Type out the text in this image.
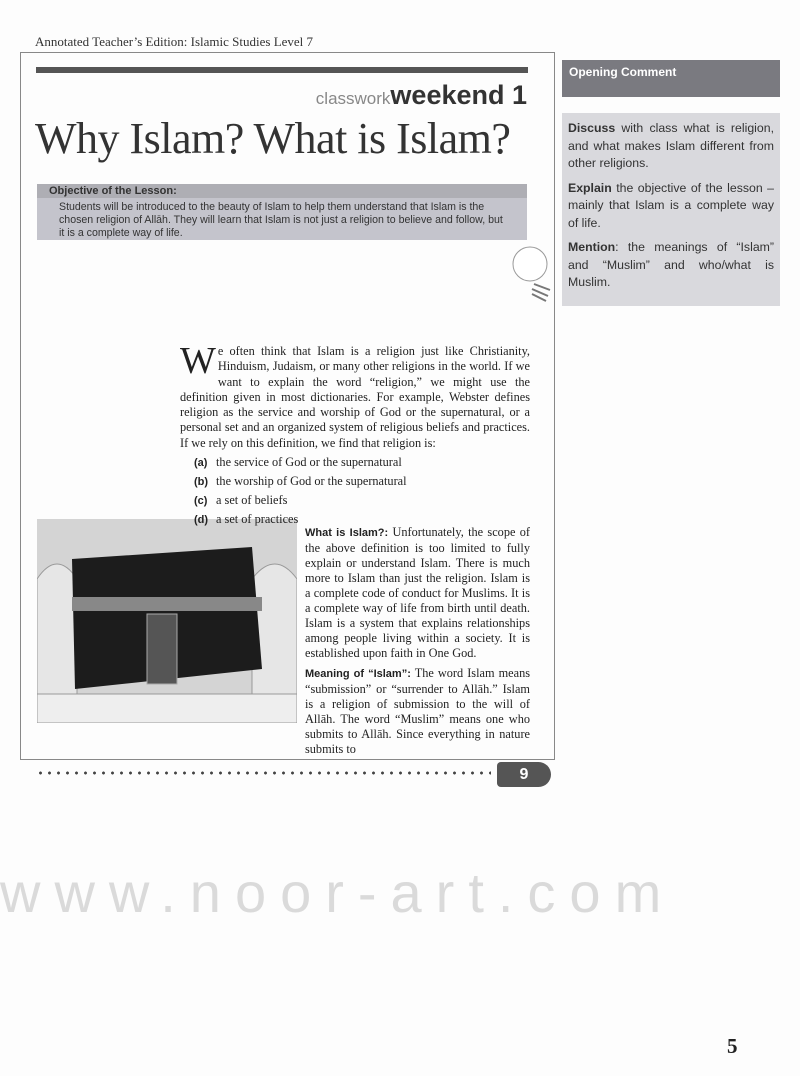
Annotated Teacher’s Edition: Islamic Studies Level 7
classworkweekend 1
Why Islam? What is Islam?
Objective of the Lesson:
Students will be introduced to the beauty of Islam to help them understand that Islam is the chosen religion of Allāh. They will learn that Islam is not just a religion to believe and follow, but it is a complete way of life.
We often think that Islam is a religion just like Christianity, Hinduism, Judaism, or many other religions in the world. If we want to explain the word “religion,” we might use the definition given in most dictionaries. For example, Webster defines religion as the service and worship of God or the supernatural, or a personal set and an organized system of religious beliefs and practices. If we rely on this definition, we find that religion is:
(a) the service of God or the supernatural
(b) the worship of God or the supernatural
(c) a set of beliefs
(d) a set of practices

What is Islam?: Unfortunately, the scope of the above definition is too limited to fully explain or understand Islam. There is much more to Islam than just the religion. Islam is a complete code of conduct for Muslims. It is a complete way of life from birth until death. Islam is a system that explains relationships among people living within a society. It is established upon faith in One God.

Meaning of “Islam”: The word Islam means “submission” or “surrender to Allāh.” Islam is a religion of submission to the will of Allāh. The word “Muslim” means one who submits to Allāh. Since everything in nature submits to

9
Opening Comment

Discuss with class what is religion, and what makes Islam different from other religions.

Explain the objective of the lesson – mainly that Islam is a complete way of life.

Mention: the meanings of “Islam” and “Muslim” and who/what is Muslim.

www.noor-art.com
5
